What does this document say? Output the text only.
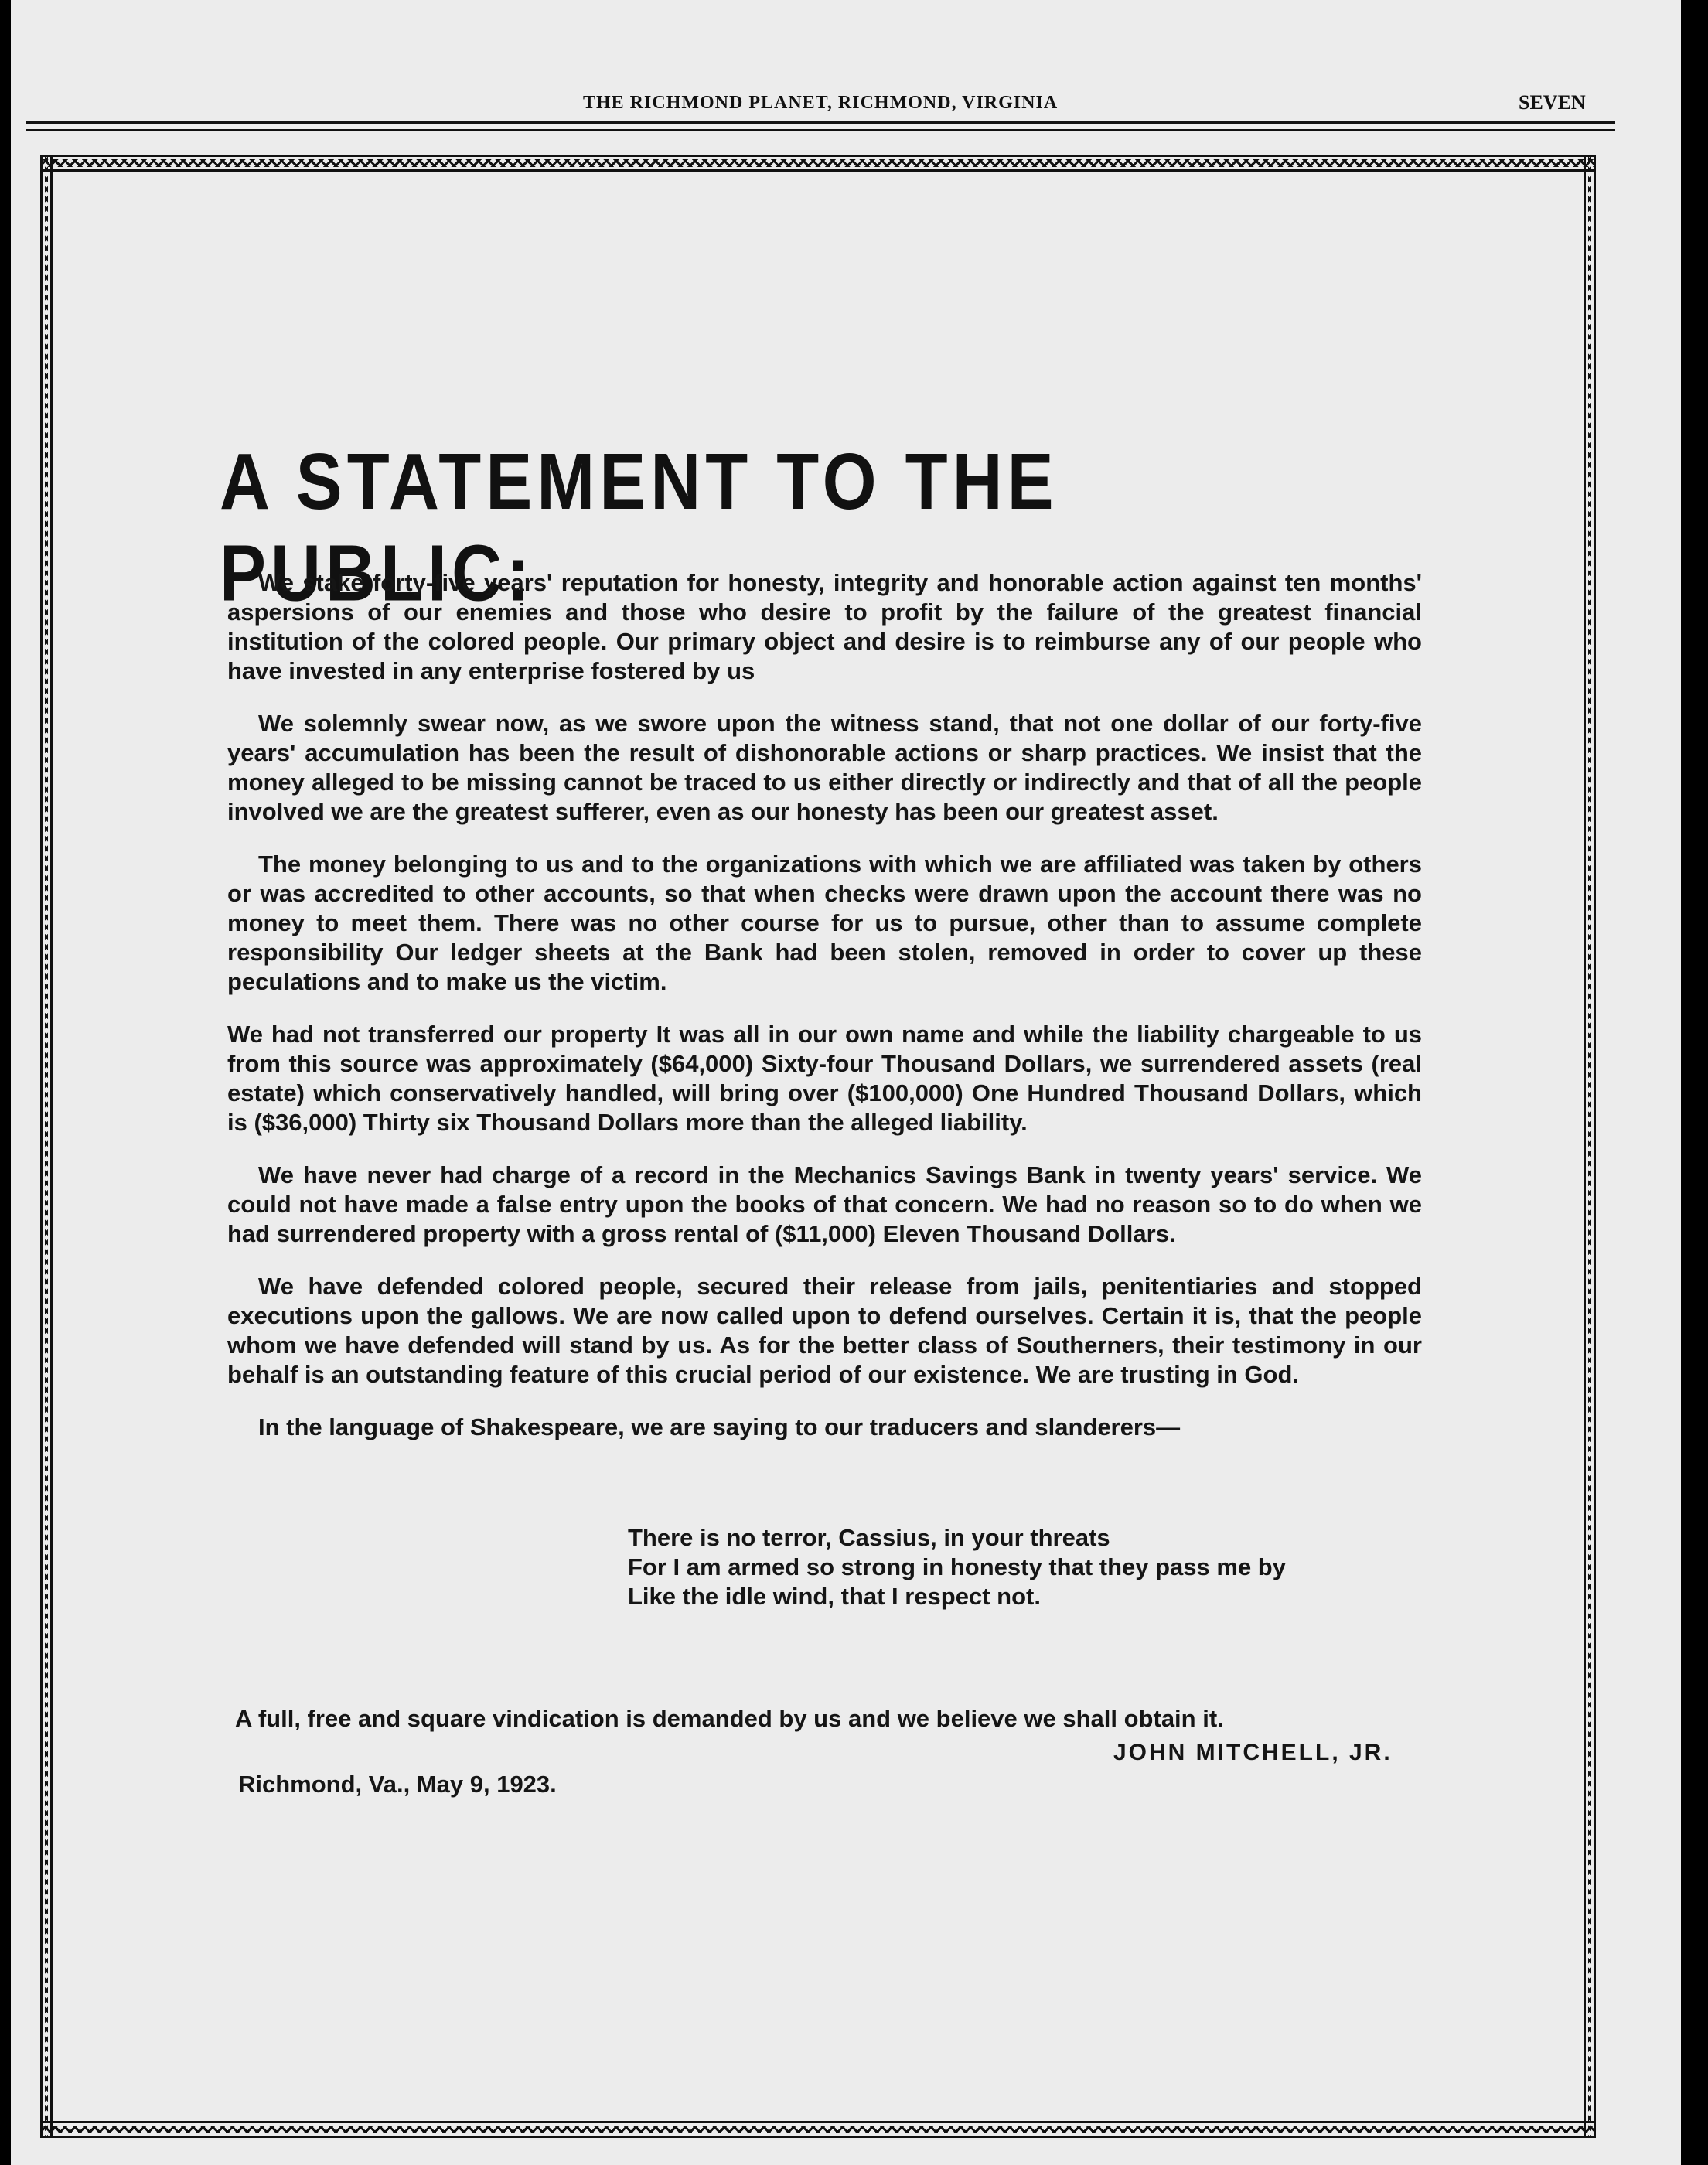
THE RICHMOND PLANET, RICHMOND, VIRGINIA	SEVEN
A STATEMENT TO THE PUBLIC:

We stake forty-five years' reputation for honesty, integrity and honorable action against ten months' aspersions of our enemies and those who desire to profit by the failure of the greatest financial institution of the colored people. Our primary object and desire is to reimburse any of our people who have invested in any enterprise fostered by us

We solemnly swear now, as we swore upon the witness stand, that not one dollar of our forty-five years' accumulation has been the result of dishonorable actions or sharp practices. We insist that the money alleged to be missing cannot be traced to us either directly or indirectly and that of all the people involved we are the greatest sufferer, even as our honesty has been our greatest asset.

The money belonging to us and to the organizations with which we are affiliated was taken by others or was accredited to other accounts, so that when checks were drawn upon the account there was no money to meet them. There was no other course for us to pursue, other than to assume complete responsibility Our ledger sheets at the Bank had been stolen, removed in order to cover up these peculations and to make us the victim.

We had not transferred our property It was all in our own name and while the liability chargeable to us from this source was approximately ($64,000) Sixty-four Thousand Dollars, we surrendered assets (real estate) which conservatively handled, will bring over ($100,000) One Hundred Thousand Dollars, which is ($36,000) Thirty six Thousand Dollars more than the alleged liability.

We have never had charge of a record in the Mechanics Savings Bank in twenty years' service. We could not have made a false entry upon the books of that concern. We had no reason so to do when we had surrendered property with a gross rental of ($11,000) Eleven Thousand Dollars.

We have defended colored people, secured their release from jails, penitentiaries and stopped executions upon the gallows. We are now called upon to defend ourselves. Certain it is, that the people whom we have defended will stand by us. As for the better class of Southerners, their testimony in our behalf is an outstanding feature of this crucial period of our existence. We are trusting in God.

In the language of Shakespeare, we are saying to our traducers and slanderers—

There is no terror, Cassius, in your threats
For I am armed so strong in honesty that they pass me by
Like the idle wind, that I respect not.
A full, free and square vindication is demanded by us and we believe we shall obtain it.
JOHN MITCHELL, JR.
Richmond, Va., May 9, 1923.
